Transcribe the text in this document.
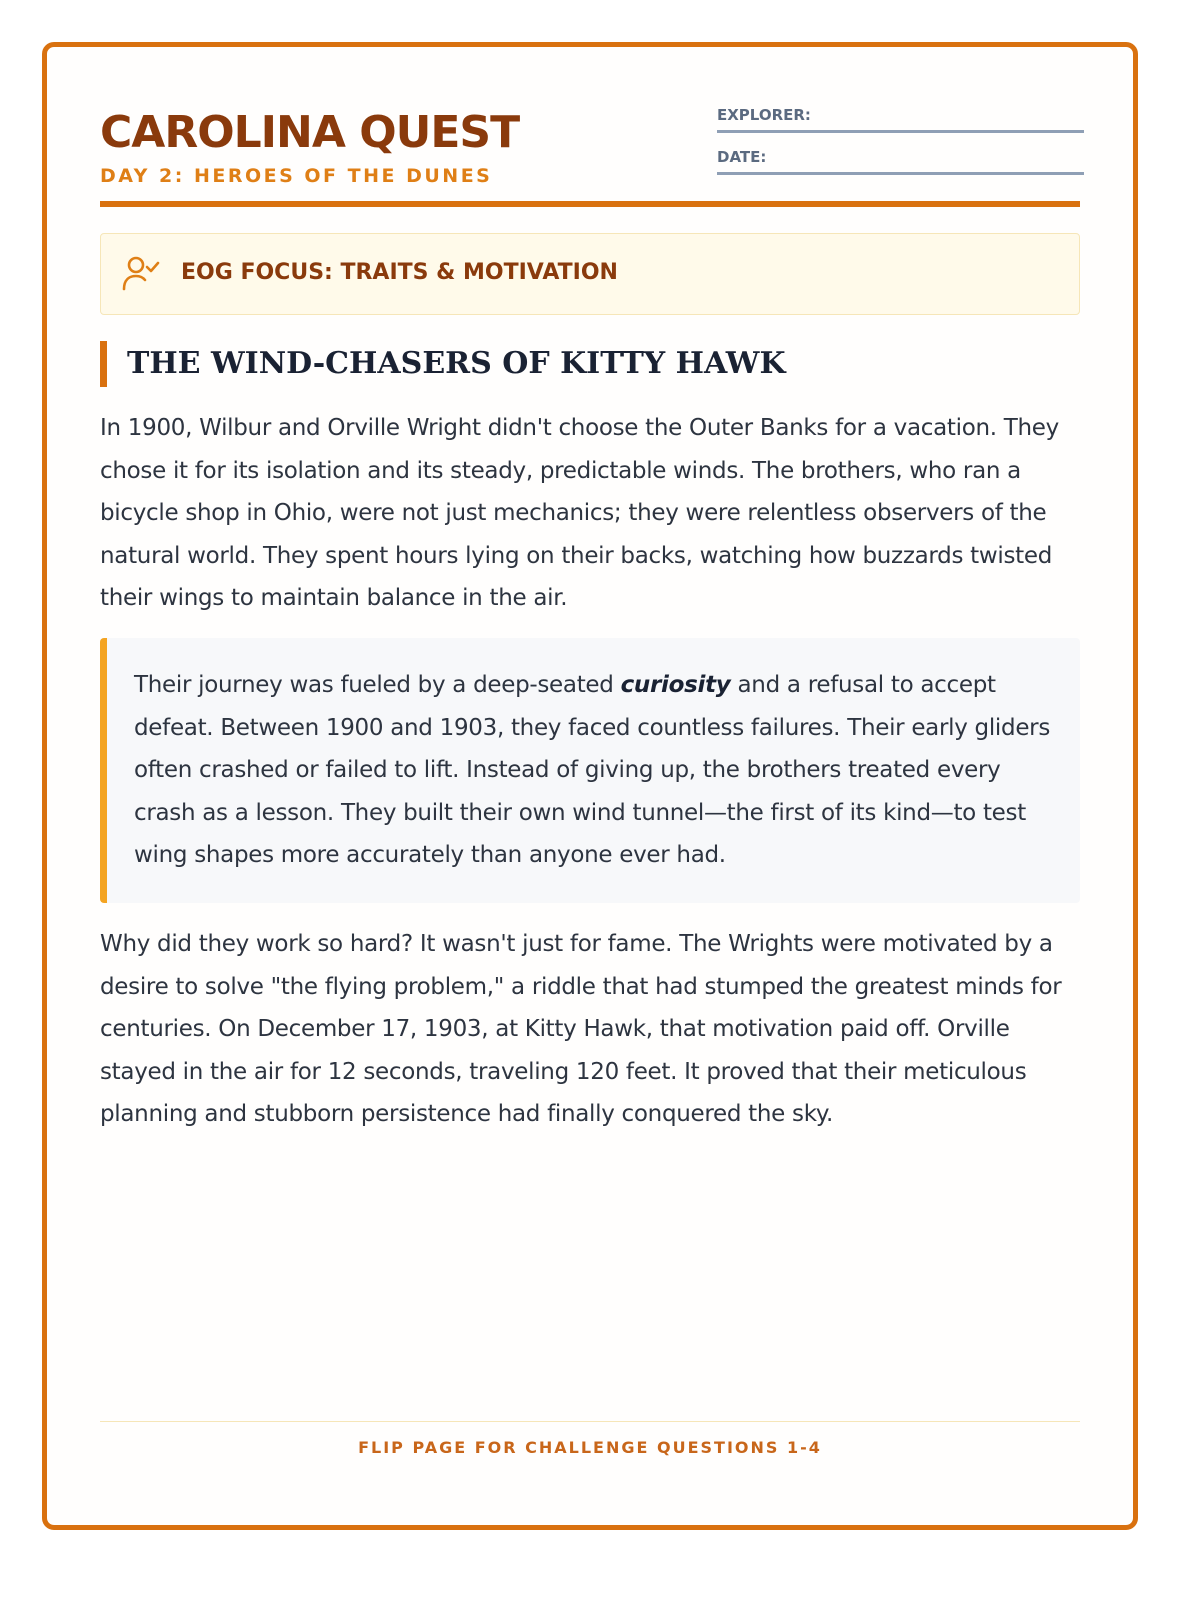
CAROLINA QUEST
DAY 2: HEROES OF THE DUNES
EXPLORER:
DATE:
EOG FOCUS: TRAITS & MOTIVATION
THE WIND-CHASERS OF KITTY HAWK

In 1900, Wilbur and Orville Wright didn't choose the Outer Banks for a vacation. They chose it for its isolation and its steady, predictable winds. The brothers, who ran a bicycle shop in Ohio, were not just mechanics; they were relentless observers of the natural world. They spent hours lying on their backs, watching how buzzards twisted their wings to maintain balance in the air.

Their journey was fueled by a deep-seated curiosity and a refusal to accept defeat. Between 1900 and 1903, they faced countless failures. Their early gliders often crashed or failed to lift. Instead of giving up, the brothers treated every crash as a lesson. They built their own wind tunnel—the first of its kind—to test wing shapes more accurately than anyone ever had.

Why did they work so hard? It wasn't just for fame. The Wrights were motivated by a desire to solve "the flying problem," a riddle that had stumped the greatest minds for centuries. On December 17, 1903, at Kitty Hawk, that motivation paid off. Orville stayed in the air for 12 seconds, traveling 120 feet. It proved that their meticulous planning and stubborn persistence had finally conquered the sky.

FLIP PAGE FOR CHALLENGE QUESTIONS 1-4
